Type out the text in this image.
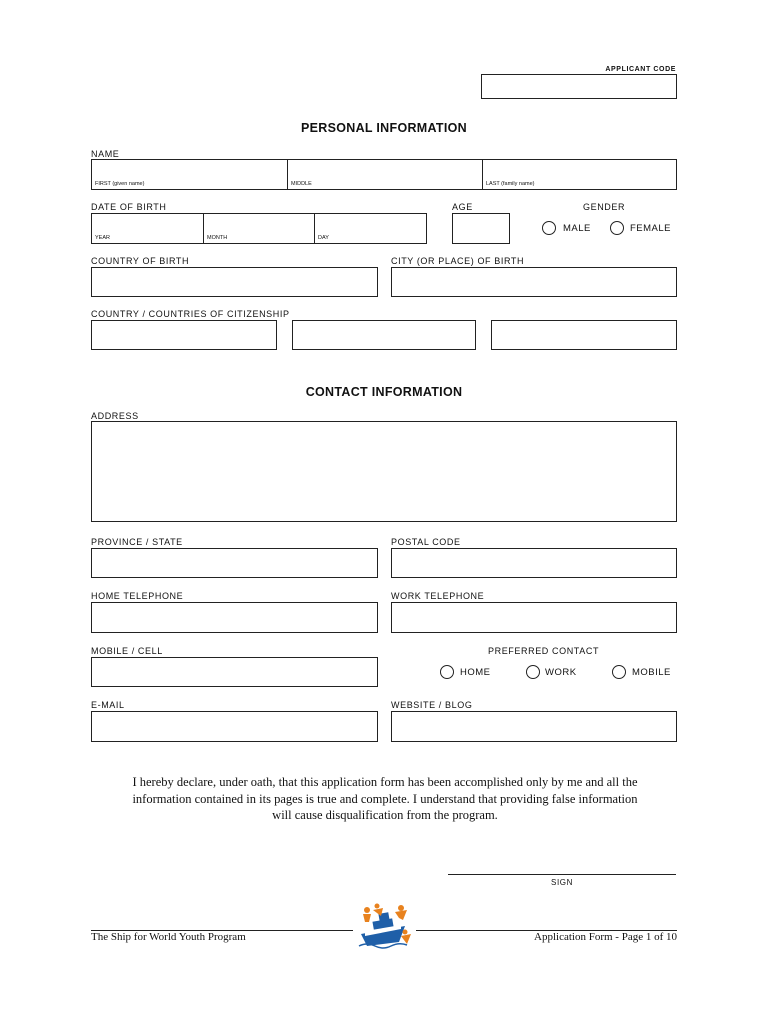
APPLICANT CODE
PERSONAL INFORMATION
NAME
FIRST (given name)	MIDDLE	LAST (family name)
DATE OF BIRTH
YEAR	MONTH	DAY
AGE	GENDER
MALE	FEMALE
COUNTRY OF BIRTH	CITY (OR PLACE) OF BIRTH
COUNTRY / COUNTRIES OF CITIZENSHIP
CONTACT INFORMATION
ADDRESS
PROVINCE / STATE	POSTAL CODE
HOME TELEPHONE	WORK TELEPHONE
MOBILE / CELL	PREFERRED CONTACT
HOME	WORK	MOBILE
E-MAIL	WEBSITE / BLOG
I hereby declare, under oath, that this application form has been accomplished only by me and all the
information contained in its pages is true and complete. I understand that providing false information
will cause disqualification from the program.
SIGN
The Ship for World Youth Program	Application Form - Page 1 of 10
